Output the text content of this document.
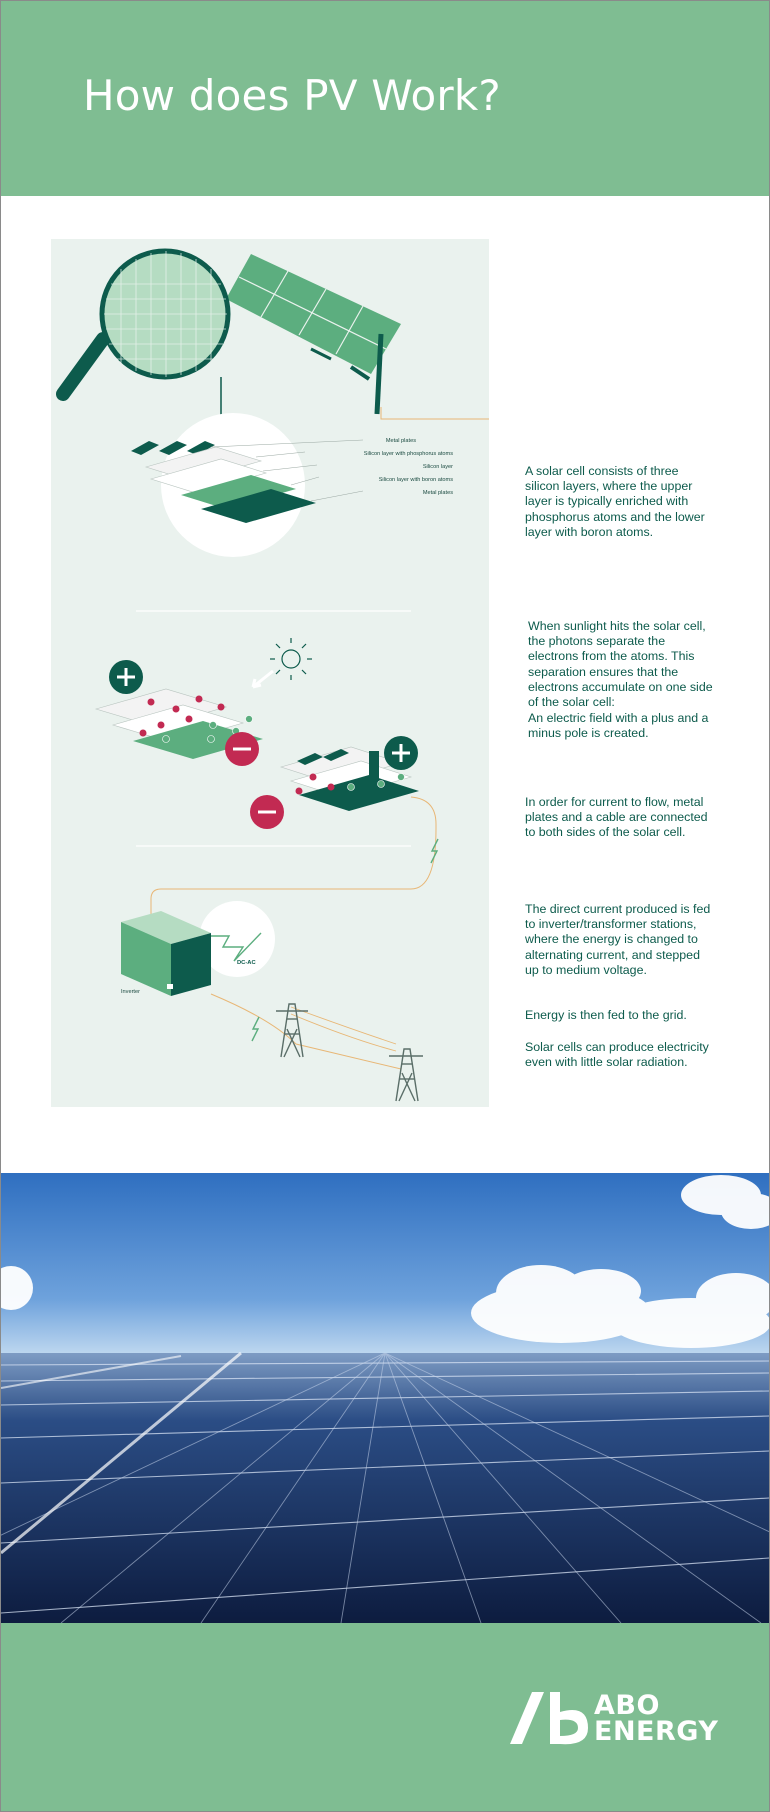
How does PV Work?
Metal plates
Silicon layer with phosphorus atoms
Silicon layer
Silicon layer with boron atoms
Metal plates
DC-AC
Inverter

A solar cell consists of three silicon layers, where the upper layer is typically enriched with phosphorus atoms and the lower layer with boron atoms.

When sunlight hits the solar cell, the photons separate the electrons from the atoms. This separation ensures that the electrons accumulate on one side of the solar cell:

An electric field with a plus and a minus pole is created.

In order for current to flow, metal plates and a cable are connected to both sides of the solar cell.

The direct current produced is fed to inverter/transformer stations, where the energy is changed to alternating current, and stepped up to medium voltage.

Energy is then fed to the grid.

Solar cells can produce electricity even with little solar radiation.

ABO

ENERGY
